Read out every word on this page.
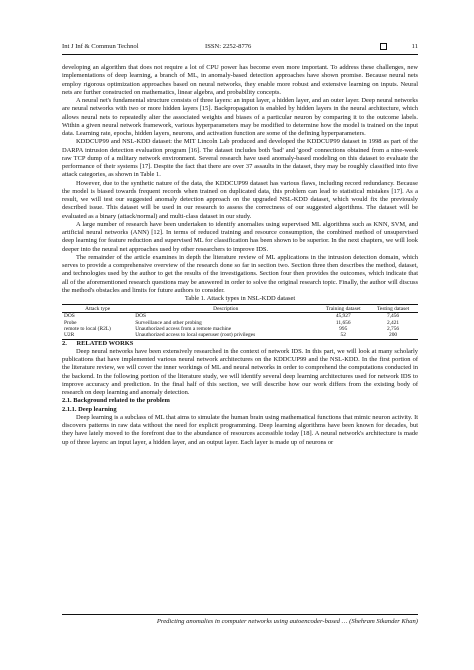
Int J Inf & Commun Technol	ISSN: 2252-8776	11

developing an algorithm that does not require a lot of CPU power has become even more important. To address these challenges, new implementations of deep learning, a branch of ML, in anomaly-based detection approaches have shown promise. Because neural nets employ rigorous optimization approaches based on neural networks, they enable more robust and extensive learning on inputs. Neural nets are further constructed on mathematics, linear algebra, and probability concepts.

A neural net's fundamental structure consists of three layers: an input layer, a hidden layer, and an outer layer. Deep neural networks are neural networks with two or more hidden layers [15]. Backpropagation is enabled by hidden layers in the neural architecture, which allows neural nets to repeatedly alter the associated weights and biases of a particular neuron by comparing it to the outcome labels. Within a given neural network framework, various hyperparameters may be modified to determine how the model is trained on the input data. Learning rate, epochs, hidden layers, neurons, and activation function are some of the defining hyperparameters.

KDDCUP99 and NSL-KDD dataset: the MIT Lincoln Lab produced and developed the KDDCUP99 dataset in 1998 as part of the DARPA intrusion detection evaluation program [16]. The dataset includes both 'bad' and 'good' connections obtained from a nine-week raw TCP dump of a military network environment. Several research have used anomaly-based modeling on this dataset to evaluate the performance of their systems [17]. Despite the fact that there are over 37 assaults in the dataset, they may be roughly classified into five attack categories, as shown in Table 1.

However, due to the synthetic nature of the data, the KDDCUP99 dataset has various flaws, including record redundancy. Because the model is biased towards frequent records when trained on duplicated data, this problem can lead to statistical mistakes [17]. As a result, we will test our suggested anomaly detection approach on the upgraded NSL-KDD dataset, which would fix the previously described issue. This dataset will be used in our research to assess the correctness of our suggested algorithms. The dataset will be evaluated as a binary (attack/normal) and multi-class dataset in our study.

A large number of research have been undertaken to identify anomalies using supervised ML algorithms such as KNN, SVM, and artificial neural networks (ANN) [12]. In terms of reduced training and resource consumption, the combined method of unsupervised deep learning for feature reduction and supervised ML for classification has been shown to be superior. In the next chapters, we will look deeper into the neural net approaches used by other researchers to improve IDS.

The remainder of the article examines in depth the literature review of ML applications in the intrusion detection domain, which serves to provide a comprehensive overview of the research done so far in section two. Section three then describes the method, dataset, and technologies used by the author to get the results of the investigations. Section four then provides the outcomes, which indicate that all of the aforementioned research questions may be answered in order to solve the original research topic. Finally, the author will discuss the method's obstacles and limits for future authors to consider.

Table 1. Attack types in NSL-KDD dataset

Attack type	Description	Training dataset	Testing dataset
DOS	DOS	45,927	7,456
Probe	Surveillance and other probing	11,656	2,421
remote to local (R2L)	Unauthorized access from a remote machine	995	2,756
U2R	Unauthorized access to local superuser (root) privileges	52	200

2.  RELATED WORKS

Deep neural networks have been extensively researched in the context of network IDS. In this part, we will look at many scholarly publications that have implemented various neural network architectures on the KDDCUP99 and the NSL-KDD. In the first portion of the literature review, we will cover the inner workings of ML and neural networks in order to comprehend the computations conducted in the backend. In the following portion of the literature study, we will identify several deep learning architectures used for network IDS to improve accuracy and prediction. In the final half of this section, we will describe how our work differs from the existing body of research on deep learning and anomaly detection.

2.1. Background related to the problem

2.1.1. Deep learning

Deep learning is a subclass of ML that aims to simulate the human brain using mathematical functions that mimic neuron activity. It discovers patterns in raw data without the need for explicit programming. Deep learning algorithms have been known for decades, but they have lately moved to the forefront due to the abundance of resources accessible today [18]. A neural network's architecture is made up of three layers: an input layer, a hidden layer, and an output layer. Each layer is made up of neurons or

Predicting anomalies in computer networks using autoencoder-based … (Shehram Sikander Khan)
